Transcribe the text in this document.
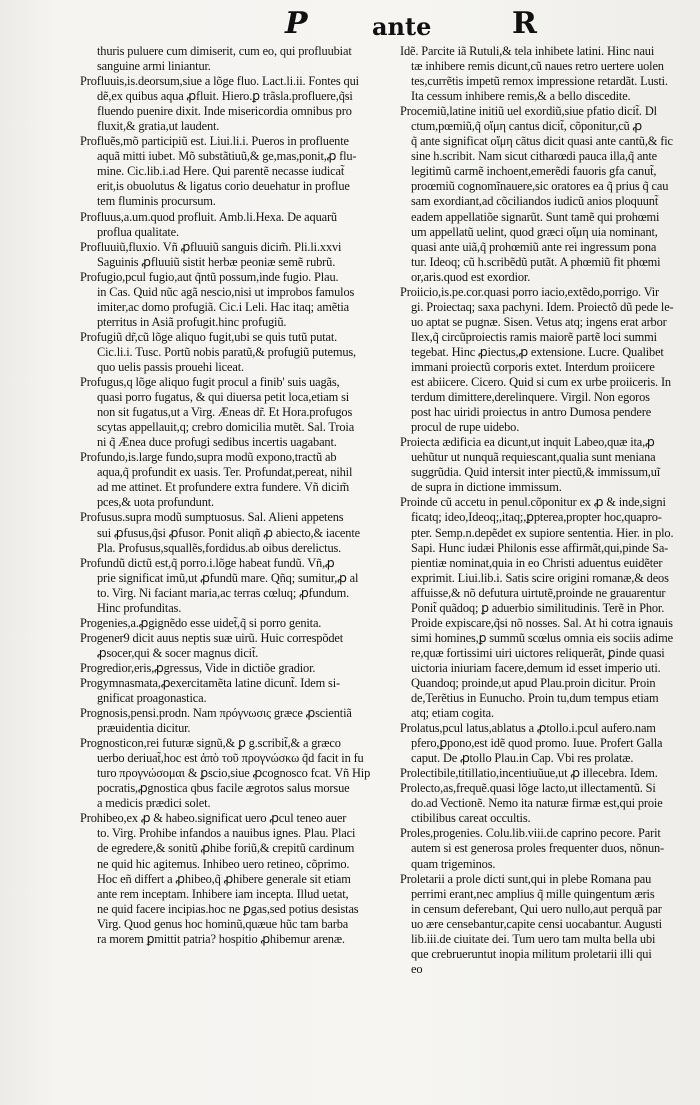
P	ante	R
thuris puluere cum dimiserit, cum eo, qui profluubiat
sanguine armi liniantur.
Profluuis,is.deorsum,siue a lõge fluo. Lact.li.ii. Fontes qui
dẽ,ex quibus aqua ꝓfluit. Hiero.ꝑ trãsla.profluere,q̃si
fluendo puenire dixit. Inde misericordia omnibus pro
fluxit,& gratia,ut laudent.
Profluẽs,mõ participiũ est. Liui.li.i. Pueros in profluente
aquã mitti iubet. Mõ substãtiuũ,& ge,mas,ponit,ꝓ flu-
mine. Cic.lib.i.ad Here. Qui parentẽ necasse iudicat̃
erit,is obuolutus & ligatus corio deuehatur in proflue
tem fluminis procursum.
Profluus,a.um.quod profluit. Amb.li.Hexa. De aquarũ
proflua qualitate.
Profluuiũ,fluxio. Vñ ꝓfluuiũ sanguis dicim̃. Pli.li.xxvi
Saguinis ꝓfluuiũ sistit herbæ peoniæ semẽ rubrũ.
Profugio,pcul fugio,aut q̃ntũ possum,inde fugio. Plau.
in Cas. Quid nũc agã nescio,nisi ut improbos famulos
imiter,ac domo profugiã. Cic.i Leli. Hac itaq; amẽtia
pterritus in Asiã profugit.hinc profugiũ.
Profugiũ dr̃,cũ lõge aliquo fugit,ubi se quis tutũ putat.
Cic.li.i. Tusc. Portũ nobis paratũ,& profugiũ putemus,
quo uelis passis prouehi liceat.
Profugus,q lõge aliquo fugit procul a finib' suis uagãs,
quasi porro fugatus, & qui diuersa petit loca,etiam si
non sit fugatus,ut a Virg. Æneas dr̃. Et Hora.profugos
scytas appellauit,q; crebro domicilia mutẽt. Sal. Troia
ni q̃ Ænea duce profugi sedibus incertis uagabant.
Profundo,is.large fundo,supra modũ expono,tractũ ab
aqua,q̃ profundit ex uasis. Ter. Profundat,pereat, nihil
ad me attinet. Et profundere extra fundere. Vñ dicim̃
pces,& uota profundunt.
Profusus.supra modũ sumptuosus. Sal. Alieni appetens
sui ꝓfusus,q̃si ꝓfusor. Ponit aliqñ ꝓ abiecto,& iacente
Pla. Profusus,squallẽs,fordidus.ab oibus derelictus.
Profundũ dictũ est,q̃ porro.i.lõge habeat fundũ. Vñ,ꝓ
prie significat imũ,ut ꝓfundũ mare. Qñq; sumitur,ꝓ al
to. Virg. Ni faciant maria,ac terras cœluq; ꝓfundum.
Hinc profunditas.
Progenies,a.ꝓgignẽdo esse uidet̃,q̃ si porro genita.
Progener9 dicit auus neptis suæ uirũ. Huic correspõdet
ꝓsocer,qui & socer magnus dicit̃.
Progredior,eris,ꝓgressus, Vide in dictiõe gradior.
Progymnasmata,ꝓexercitamẽta latine dicunt̃. Idem si-
gnificat proagonastica.
Prognosis,pensi.prodn. Nam πρόγνωσις græce ꝓscientiã
præuidentia dicitur.
Prognosticon,rei futuræ signũ,& ꝑ g.scribit̃,& a græco
uerbo deriuat̃,hoc est ἀπὸ τοῦ προγνώσκω q̃d facit in fu
turo προγνώσομαι & ꝑscio,siue ꝓcognosco fcat. Vñ Hip
pocratis,ꝓgnostica qbus facile ægrotos salus morsue
a medicis prædici solet.
Prohibeo,ex ꝓ & habeo.significat uero ꝓcul teneo auer
to. Virg. Prohibe infandos a nauibus ignes. Plau. Placi
de egredere,& sonitũ ꝓhibe foriũ,& crepitũ cardinum
ne quid hic agitemus. Inhibeo uero retineo, cõprimo.
Hoc eñ differt a ꝓhibeo,q̃ ꝓhibere generale sit etiam
ante rem inceptam. Inhibere iam incepta. Illud uetat,
ne quid facere incipias.hoc ne ꝑgas,sed potius desistas
Virg. Quod genus hoc hominũ,quæue hũc tam barba
ra morem ꝑmittit patria? hospitio ꝓhibemur arenæ.
Idẽ. Parcite iã Rutuli,& tela inhibete latini. Hinc naui
tæ inhibere remis dicunt,cũ naues retro uertere uolen
tes,currẽtis impetũ remox impressione retardãt. Lusti.
Ita cessum inhibere remis,& a bello discedite.
Procemiũ,latine initiũ uel exordiũ,siue pfatio dicit̃. Dl
ctum,pœmiũ,q̃ οἴμη cantus dicit̃, cõponitur,cũ ꝓ
q̃ ante significat οἴμη cãtus dicit quasi ante cantũ,& fic
sine h.scribit. Nam sicut citharœdi pauca illa,q̃ ante
legitimũ carmẽ inchoent,emerẽdi fauoris gfa canut̃,
proœmiũ cognomĩnauere,sic oratores ea q̃ prius q̃ cau
sam exordiant,ad cõciliandos iudicũ anios ploquunt̃
eadem appellatiõe signarũt. Sunt tamẽ qui prohœmi
um appellatũ uelint, quod græci οἴμη uia nominant,
quasi ante uiã,q̃ prohœmiũ ante rei ingressum pona
tur. Ideoq; cũ h.scribẽdũ putãt. A phœmiũ fit phœmi
or,aris.quod est exordior.
Proiicio,is.pe.cor.quasi porro iacio,extẽdo,porrigo. Vir
gi. Proiectaq; saxa pachyni. Idem. Proiectõ dũ pede le-
uo aptat se pugnæ. Sisen. Vetus atq; ingens erat arbor
Ilex,q̃ circũproiectis ramis maiorẽ partẽ loci summi
tegebat. Hinc ꝓiectus,ꝓ extensione. Lucre. Qualibet
immani proiectũ corporis extet. Interdum proiicere
est abiicere. Cicero. Quid si cum ex urbe proiiceris. In
terdum dimittere,derelinquere. Virgil. Non egoros
post hac uiridi proiectus in antro Dumosa pendere
procul de rupe uidebo.
Proiecta ædificia ea dicunt,ut inquit Labeo,quæ ita,ꝓ
uehũtur ut nunquã requiescant,qualia sunt meniana
suggrũdia. Quid intersit inter piectũ,& immissum,uĩ
de supra in dictione immissum.
Proinde cũ accetu in penul.cõponitur ex ꝓ & inde,signi
ficatq; ideo,Ideoq;,itaq;,ꝑpterea,propter hoc,quapro-
pter. Semp.n.depẽdet ex supiore sententia. Hier. in plo.
Sapi. Hunc iudæi Philonis esse affirmãt,qui,pinde Sa-
pientiæ nominat,quia in eo Christi aduentus euidẽter
exprimit. Liui.lib.i. Satis scire origini romanæ,& deos
affuisse,& nõ defutura uirtutẽ,proinde ne grauarentur
Ponit̃ quãdoq; ꝑ aduerbio similitudinis. Terẽ in Phor.
Proide expiscare,q̃si nõ nosses. Sal. At hi cotra ignauis
simi homines,ꝑ summũ scœlus omnia eis sociis adime
re,quæ fortissimi uiri uictores reliquerãt, ꝑinde quasi
uictoria iniuriam facere,demum id esset imperio uti.
Quandoq; proinde,ut apud Plau.proin dicitur. Proin
de,Terẽtius in Eunucho. Proin tu,dum tempus etiam
atq; etiam cogita.
Prolatus,pcul latus,ablatus a ꝓtollo.i.pcul aufero.nam
pfero,ꝑpono,est idẽ quod promo. Iuue. Profert Galla
caput. De ꝓtollo Plau.in Cap. Vbi res prolatæ.
Prolectibile,titillatio,incentiuũue,ut ꝓ illecebra. Idem.
Prolecto,as,frequẽ.quasi lõge lacto,ut illectamentũ. Si
do.ad Vectionẽ. Nemo ita naturæ firmæ est,qui proie
ctibilibus careat occultis.
Proles,progenies. Colu.lib.viii.de caprino pecore. Parit
autem si est generosa proles frequenter duos, nõnun-
quam trigeminos.
Proletarii a prole dicti sunt,qui in plebe Romana pau
perrimi erant,nec amplius q̃ mille quingentum æris
in censum deferebant, Qui uero nullo,aut perquã par
uo ære censebantur,capite censi uocabantur. Augusti
lib.iii.de ciuitate dei. Tum uero tam multa bella ubi
que crebrueruntut inopia militum proletarii illi qui
eo
